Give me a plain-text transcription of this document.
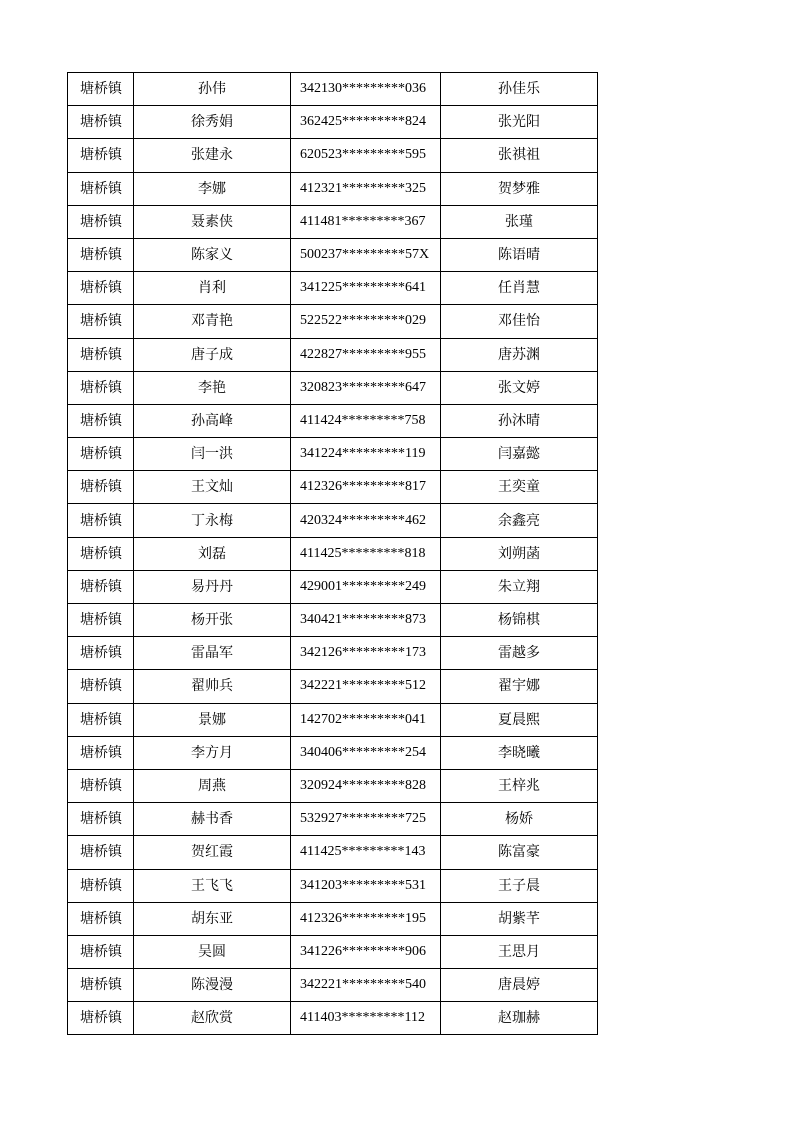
塘桥镇	孙伟	342130*********036	孙佳乐
塘桥镇	徐秀娟	362425*********824	张光阳
塘桥镇	张建永	620523*********595	张祺祖
塘桥镇	李娜	412321*********325	贺梦雅
塘桥镇	聂素侠	411481*********367	张瑾
塘桥镇	陈家义	500237*********57X	陈语晴
塘桥镇	肖利	341225*********641	任肖慧
塘桥镇	邓青艳	522522*********029	邓佳怡
塘桥镇	唐子成	422827*********955	唐苏渊
塘桥镇	李艳	320823*********647	张文婷
塘桥镇	孙高峰	411424*********758	孙沐晴
塘桥镇	闫一洪	341224*********119	闫嘉懿
塘桥镇	王文灿	412326*********817	王奕童
塘桥镇	丁永梅	420324*********462	余鑫亮
塘桥镇	刘磊	411425*********818	刘朔菡
塘桥镇	易丹丹	429001*********249	朱立翔
塘桥镇	杨开张	340421*********873	杨锦棋
塘桥镇	雷晶军	342126*********173	雷越多
塘桥镇	翟帅兵	342221*********512	翟宇娜
塘桥镇	景娜	142702*********041	夏晨熙
塘桥镇	李方月	340406*********254	李晓曦
塘桥镇	周燕	320924*********828	王梓兆
塘桥镇	赫书香	532927*********725	杨娇
塘桥镇	贺红霞	411425*********143	陈富豪
塘桥镇	王飞飞	341203*********531	王子晨
塘桥镇	胡东亚	412326*********195	胡紫芊
塘桥镇	吴圆	341226*********906	王思月
塘桥镇	陈漫漫	342221*********540	唐晨婷
塘桥镇	赵欣赏	411403*********112	赵珈赫
